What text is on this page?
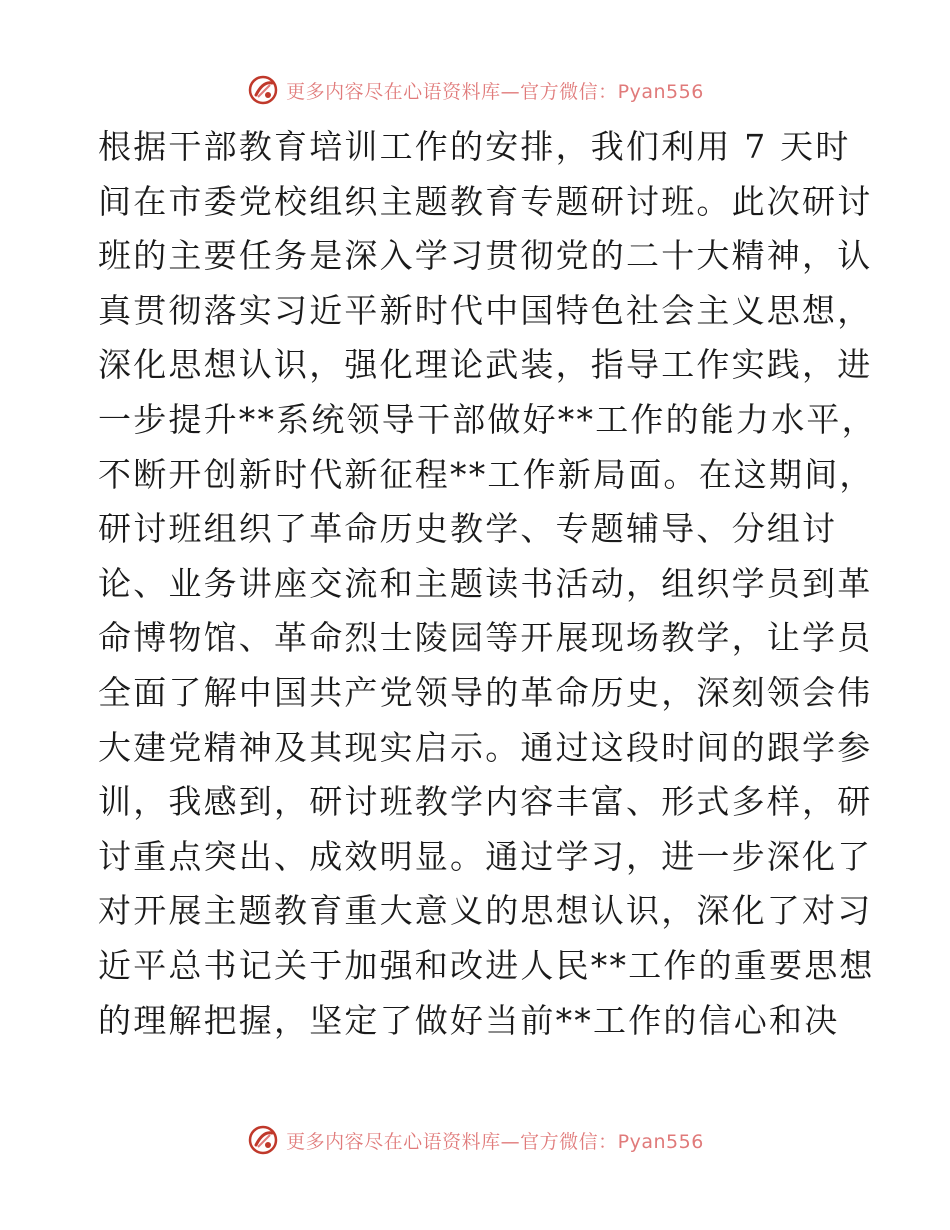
更多内容尽在心语资料库—官方微信：Pyan556
根据干部教育培训工作的安排，我们利用 7 天时
间在市委党校组织主题教育专题研讨班。此次研讨
班的主要任务是深入学习贯彻党的二十大精神，认
真贯彻落实习近平新时代中国特色社会主义思想，
深化思想认识，强化理论武装，指导工作实践，进
一步提升**系统领导干部做好**工作的能力水平，
不断开创新时代新征程**工作新局面。在这期间，
研讨班组织了革命历史教学、专题辅导、分组讨
论、业务讲座交流和主题读书活动，组织学员到革
命博物馆、革命烈士陵园等开展现场教学，让学员
全面了解中国共产党领导的革命历史，深刻领会伟
大建党精神及其现实启示。通过这段时间的跟学参
训，我感到，研讨班教学内容丰富、形式多样，研
讨重点突出、成效明显。通过学习，进一步深化了
对开展主题教育重大意义的思想认识，深化了对习
近平总书记关于加强和改进人民**工作的重要思想
的理解把握，坚定了做好当前**工作的信心和决
更多内容尽在心语资料库—官方微信：Pyan556
